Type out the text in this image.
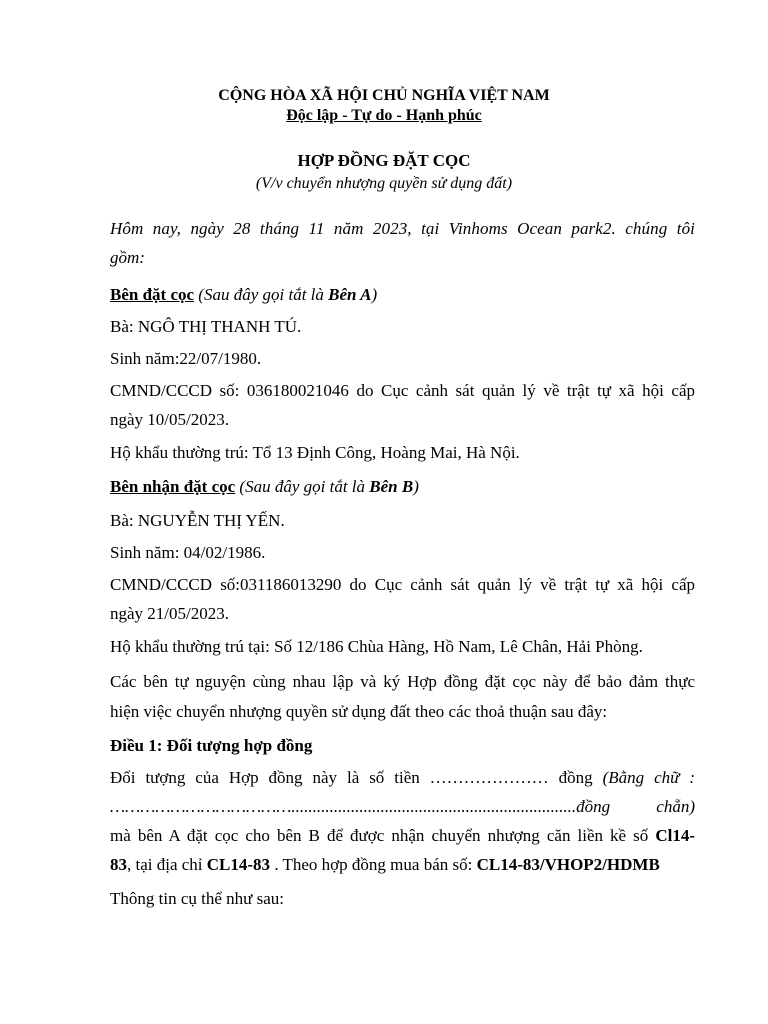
CỘNG HÒA XÃ HỘI CHỦ NGHĨA VIỆT NAM
Độc lập - Tự do - Hạnh phúc
HỢP ĐỒNG ĐẶT CỌC
(V/v chuyển nhượng quyền sử dụng đất)

Hôm nay, ngày 28 tháng 11 năm 2023, tại Vinhoms Ocean park2. chúng tôi

gồm:

Bên đặt cọc (Sau đây gọi tắt là Bên A)

Bà: NGÔ THỊ THANH TÚ.

Sinh năm:22/07/1980.

CMND/CCCD số: 036180021046 do Cục cảnh sát quản lý về trật tự xã hội cấp

ngày 10/05/2023.

Hộ khẩu thường trú: Tổ 13 Định Công, Hoàng Mai, Hà Nội.

Bên nhận đặt cọc (Sau đây gọi tắt là Bên B)

Bà: NGUYỄN THỊ YẾN.

Sinh năm: 04/02/1986.

CMND/CCCD số:031186013290 do Cục cảnh sát quản lý về trật tự xã hội cấp

ngày 21/05/2023.

Hộ khẩu thường trú tại: Số 12/186 Chùa Hàng, Hồ Nam, Lê Chân, Hải Phòng.

Các bên tự nguyện cùng nhau lập và ký Hợp đồng đặt cọc này để bảo đảm thực

hiện việc chuyển nhượng quyền sử dụng đất theo các thoả thuận sau đây:

Điều 1: Đối tượng hợp đồng

Đối tượng của Hợp đồng này là số tiền ………………… đồng (Bằng chữ :

………………………………...................................................................đồng chẵn)

mà bên A đặt cọc cho bên B để được nhận chuyển nhượng căn liền kề số Cl14-

83, tại địa chỉ CL14-83 . Theo hợp đồng mua bán số: CL14-83/VHOP2/HDMB

Thông tin cụ thể như sau:
